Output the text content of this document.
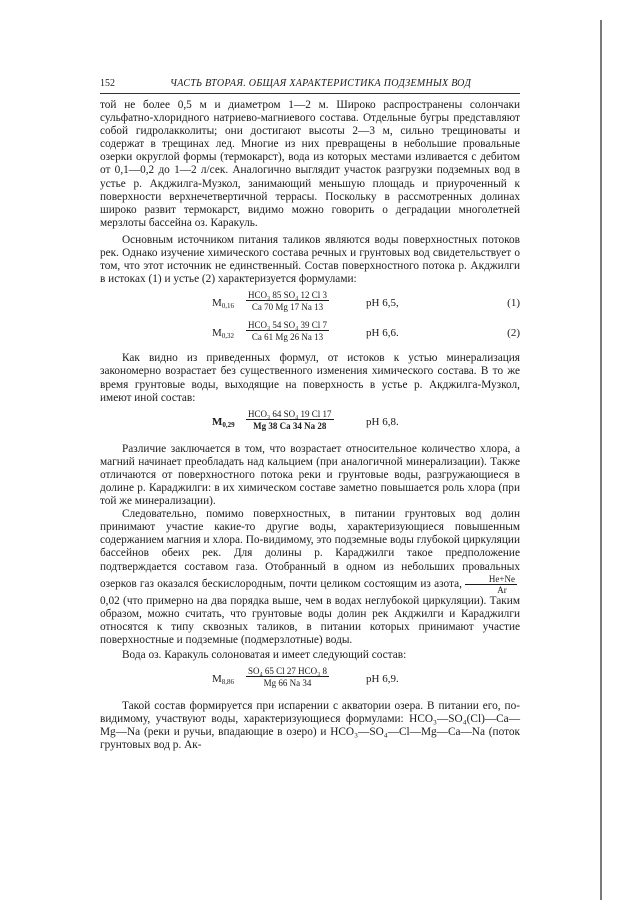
152	ЧАСТЬ ВТОРАЯ. ОБЩАЯ ХАРАКТЕРИСТИКА ПОДЗЕМНЫХ ВОД

той не более 0,5 м и диаметром 1—2 м. Широко распространены солончаки сульфатно-хлоридного натриево-магниевого состава. Отдельные бугры представляют собой гидролакколиты; они достигают высоты 2—3 м, сильно трещиноваты и содержат в трещинах лед. Многие из них превращены в небольшие провальные озерки округлой формы (термокарст), вода из которых местами изливается с дебитом от 0,1—0,2 до 1—2 л/сек. Аналогично выглядит участок разгрузки подземных вод в устье р. Акджилга-Музкол, занимающий меньшую площадь и приуроченный к поверхности верхнечетвертичной террасы. Поскольку в рассмотренных долинах широко развит термокарст, видимо можно говорить о деградации многолетней мерзлоты бассейна оз. Каракуль.

Основным источником питания таликов являются воды поверхностных потоков рек. Однако изучение химического состава речных и грунтовых вод свидетельствует о том, что этот источник не единственный. Состав поверхностного потока р. Акджилги в истоках (1) и устье (2) характеризуется формулами:

$M_{0,16}$
HCO₃ 85 SO₄ 12 Cl 3
Ca 70 Mg 17 Na 13	pH 6,5,	(1)
$M_{0,32}$
HCO₃ 54 SO₄ 39 Cl 7
Ca 61 Mg 26 Na 13	pH 6,6.	(2)

Как видно из приведенных формул, от истоков к устью минерализация закономерно возрастает без существенного изменения химического состава. В то же время грунтовые воды, выходящие на поверхность в устье р. Акджилга-Музкол, имеют иной состав:

$M_{0,29}$
HCO₃ 64 SO₄ 19 Cl 17
Mg 38 Ca 34 Na 28	pH 6,8.

Различие заключается в том, что возрастает относительное количество хлора, а магний начинает преобладать над кальцием (при аналогичной минерализации). Также отличаются от поверхностного потока реки и грунтовые воды, разгружающиеся в долине р. Караджилги: в их химическом составе заметно повышается роль хлора (при той же минерализации).

Следовательно, помимо поверхностных, в питании грунтовых вод долин принимают участие какие-то другие воды, характеризующиеся повышенным содержанием магния и хлора. По-видимому, это подземные воды глубокой циркуляции бассейнов обеих рек. Для долины р. Караджилги такое предположение подтверждается составом газа. Отобранный в одном из небольших провальных озерков газ оказался бескислородным, почти целиком состоящим из азота, $\frac{He+Ne}{Ar}$
0,02 (что примерно на два порядка выше, чем в водах неглубокой циркуляции). Таким образом, можно считать, что грунтовые воды долин рек Акджилги и Караджилги относятся к типу сквозных таликов, в питании которых принимают участие поверхностные и подземные (подмерзлотные) воды.

Вода оз. Каракуль солоноватая и имеет следующий состав:

$M_{8,86}$
SO₄ 65 Cl 27 HCO₃ 8
Mg 66 Na 34	pH 6,9.

Такой состав формируется при испарении с акватории озера. В питании его, по-видимому, участвуют воды, характеризующиеся формулами: HCO₃—SO₄(Cl)—Ca—Mg—Na (реки и ручьи, впадающие в озеро) и HCO₃—SO₄—Cl—Mg—Ca—Na (поток грунтовых вод р. Ак-
